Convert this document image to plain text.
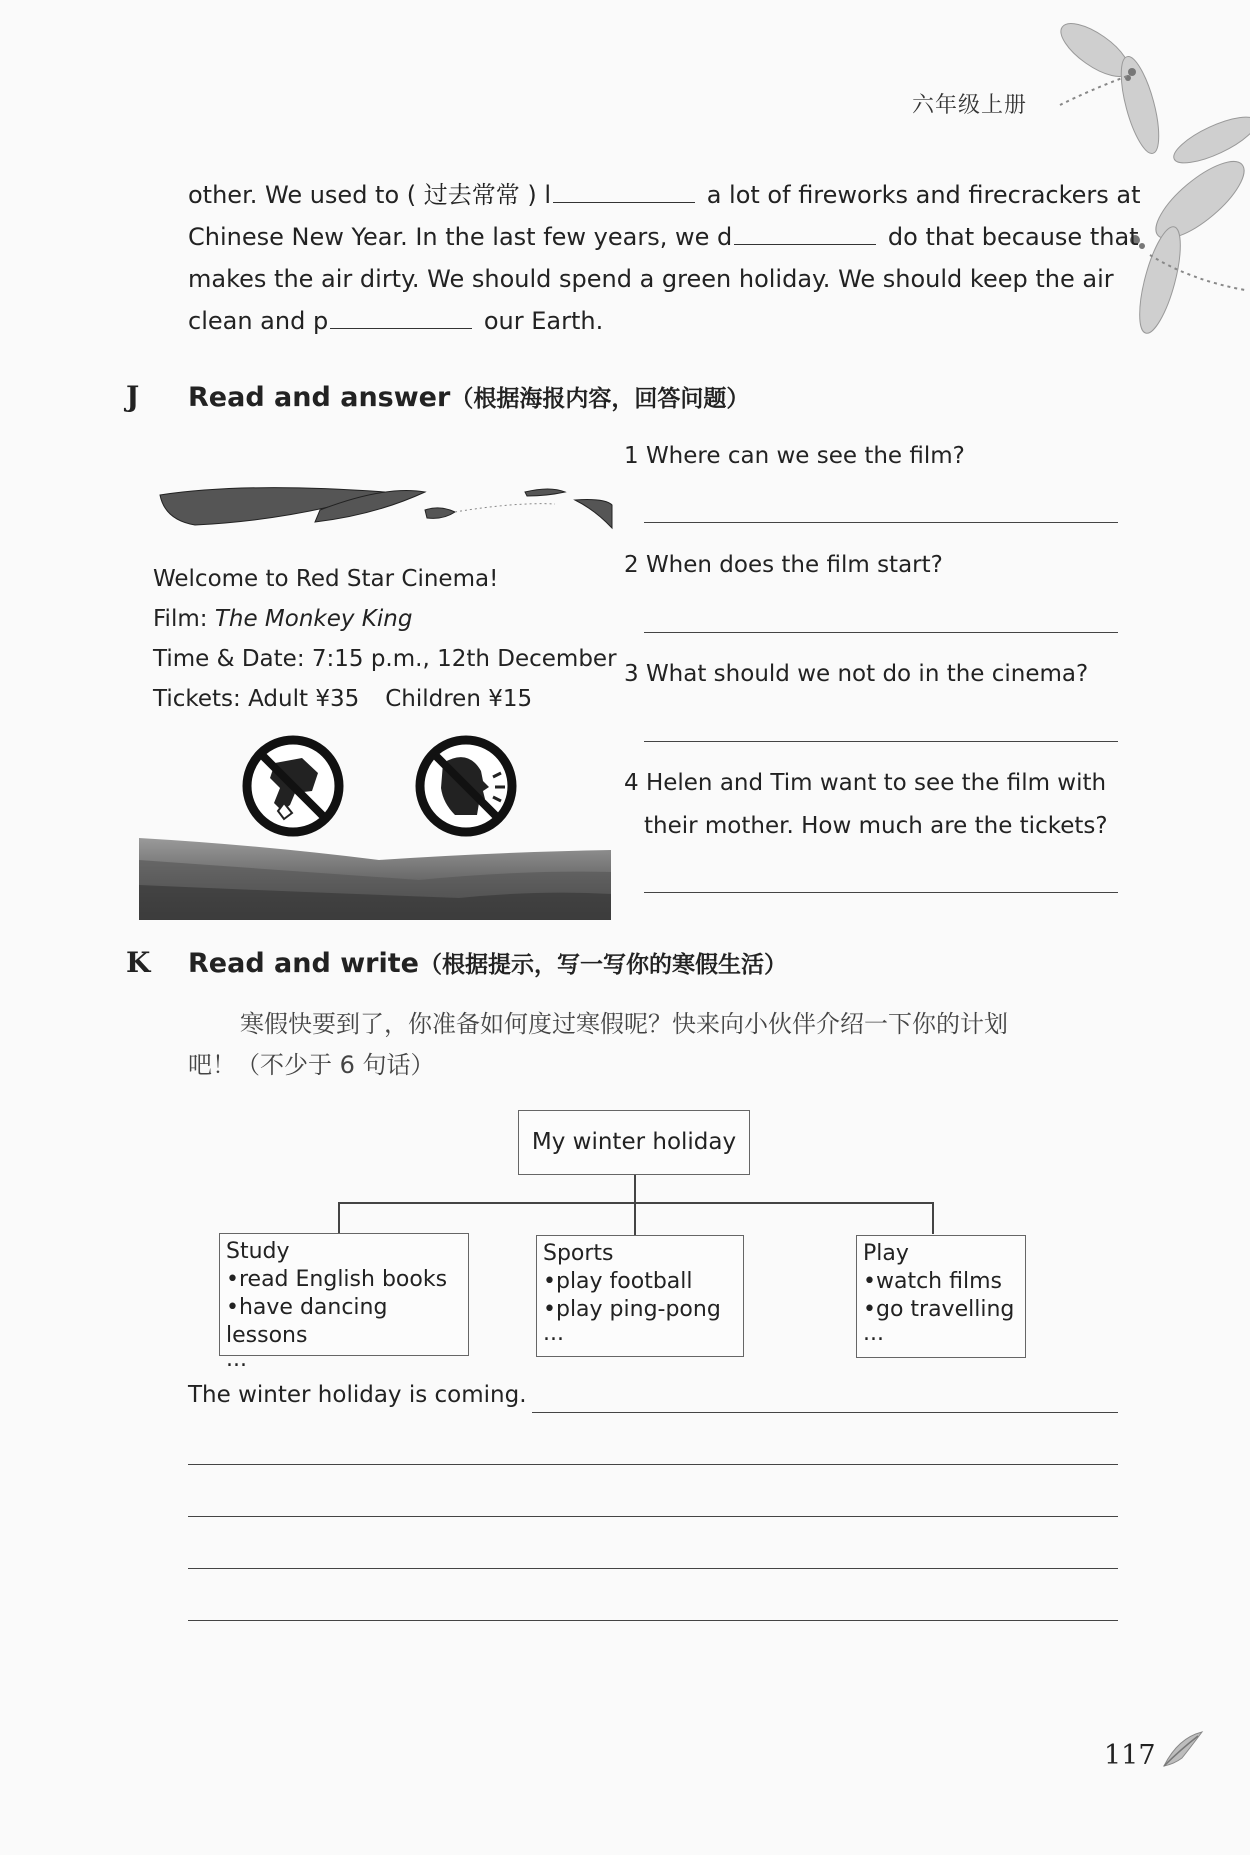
六年级上册
other. We used to ( 过去常常 ) l	a lot of fireworks and firecrackers at
Chinese New Year. In the last few years, we d	do that because that
makes the air dirty. We should spend a green holiday. We should keep the air
clean and p	our Earth.
J Read and answer（根据海报内容，回答问题）
Welcome to Red Star Cinema!
Film: The Monkey King
Time & Date: 7:15 p.m., 12th December
Tickets: Adult ¥35 Children ¥15
1 Where can we see the film?
2 When does the film start?
3 What should we not do in the cinema?
4 Helen and Tim want to see the film with
their mother. How much are the tickets?
K Read and write（根据提示，写一写你的寒假生活）
寒假快要到了，你准备如何度过寒假呢？快来向小伙伴介绍一下你的计划
吧！（不少于 6 句话）
My winter holiday
Study
•read English books
•have dancing lessons
...
Sports
•play football
•play ping-pong
...
Play
•watch films
•go travelling
...
The winter holiday is coming.
117
